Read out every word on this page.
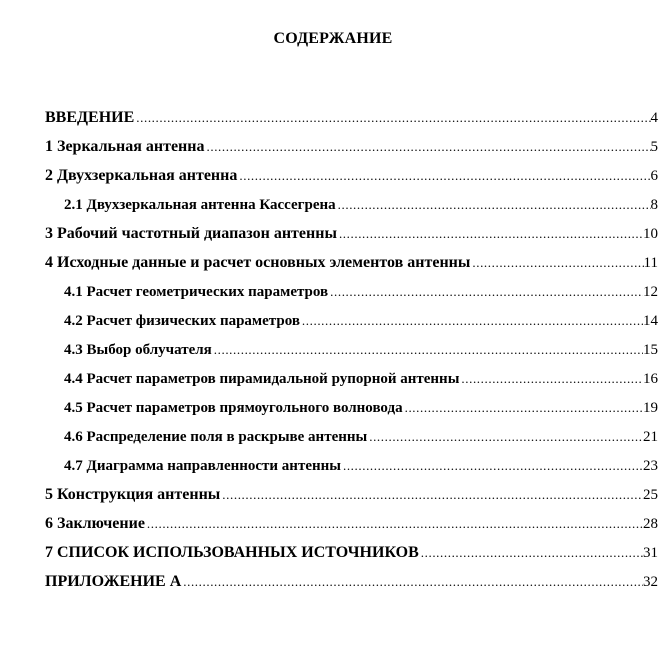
СОДЕРЖАНИЕ
ВВЕДЕНИЕ .....	4
1 Зеркальная антенна .....	5
2 Двухзеркальная антенна .....	6
2.1 Двухзеркальная антенна Кассегрена .....	8
3 Рабочий частотный диапазон антенны .....	10
4 Исходные данные и расчет основных элементов антенны .....	11
4.1 Расчет геометрических параметров .....	12
4.2 Расчет физических параметров .....	14
4.3 Выбор облучателя .....	15
4.4 Расчет параметров пирамидальной рупорной антенны .....	16
4.5 Расчет параметров прямоугольного волновода .....	19
4.6 Распределение поля в раскрыве антенны .....	21
4.7 Диаграмма направленности антенны .....	23
5 Конструкция антенны .....	25
6 Заключение .....	28
7 СПИСОК ИСПОЛЬЗОВАННЫХ ИСТОЧНИКОВ .....	31
ПРИЛОЖЕНИЕ А .....	32
